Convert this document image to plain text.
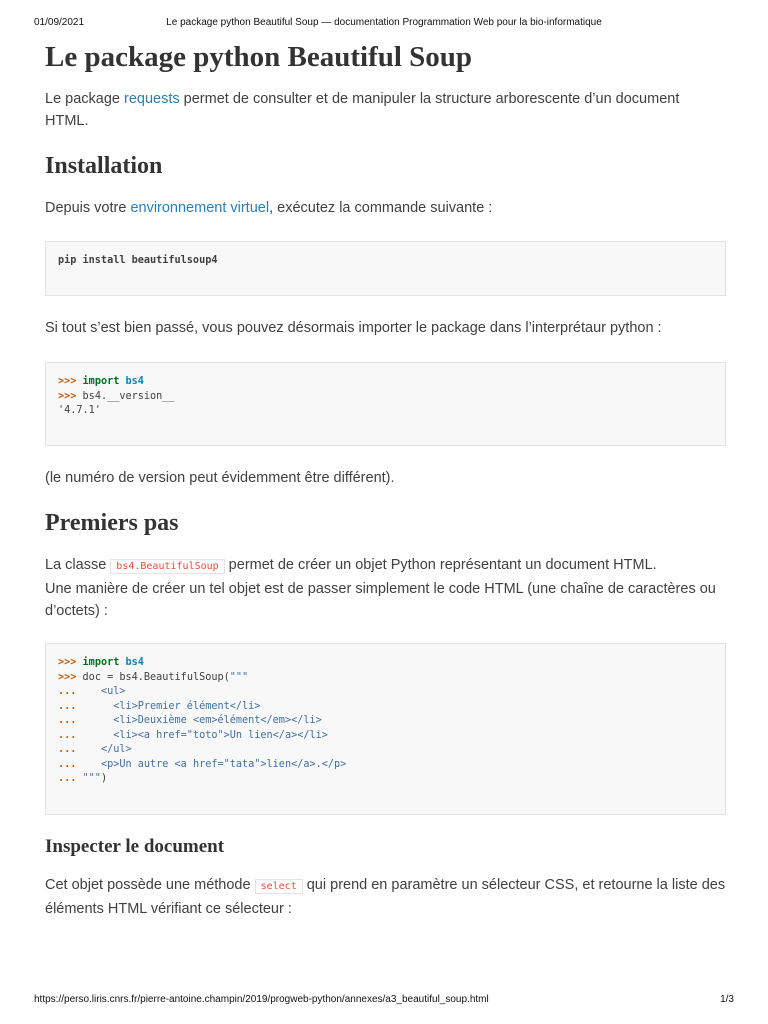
01/09/2021	Le package python Beautiful Soup — documentation Programmation Web pour la bio-informatique
Le package python Beautiful Soup

Le package requests permet de consulter et de manipuler la structure arborescente d’un document HTML.

Installation

Depuis votre environnement virtuel, exécutez la commande suivante :

pip install beautifulsoup4

Si tout s’est bien passé, vous pouvez désormais importer le package dans l’interprétaur python :

>>> import bs4
>>> bs4.__version__
'4.7.1'

(le numéro de version peut évidemment être différent).

Premiers pas

La classe bs4.BeautifulSoup permet de créer un objet Python représentant un document HTML.
Une manière de créer un tel objet est de passer simplement le code HTML (une chaîne de caractères ou d’octets) :

>>> import bs4
>>> doc = bs4.BeautifulSoup("""
...    <ul>
...      <li>Premier élément</li>
...      <li>Deuxième <em>élément</em></li>
...      <li><a href="toto">Un lien</a></li>
...    </ul>
...    <p>Un autre <a href="tata">lien</a>.</p>
... """)
Inspecter le document

Cet objet possède une méthode select qui prend en paramètre un sélecteur CSS, et retourne la liste des éléments HTML vérifiant ce sélecteur :

https://perso.liris.cnrs.fr/pierre-antoine.champin/2019/progweb-python/annexes/a3_beautiful_soup.html	1/3
